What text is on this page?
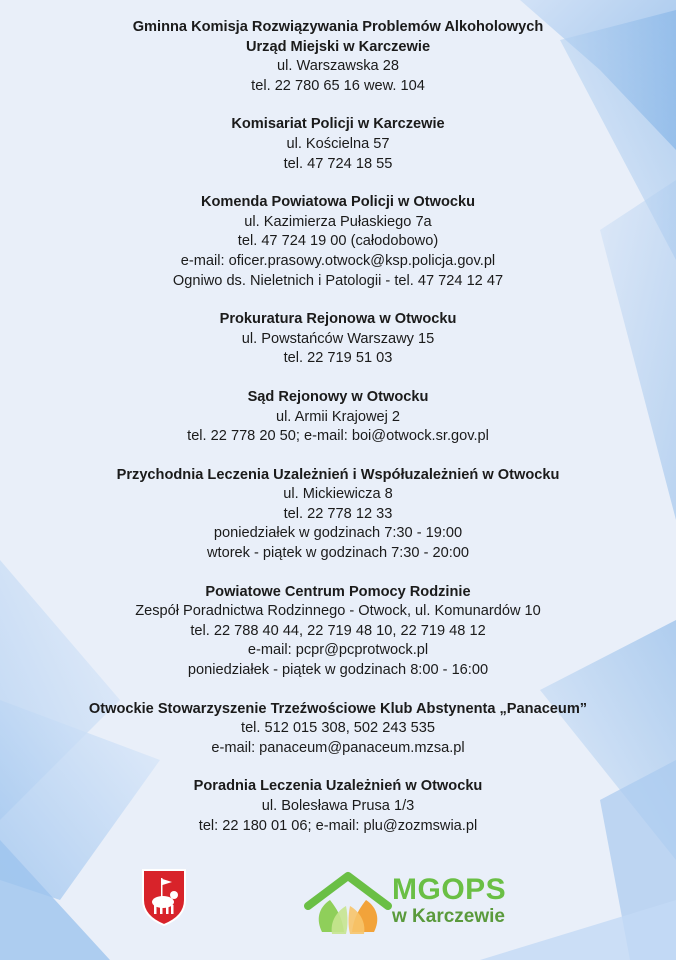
Gminna Komisja Rozwiązywania Problemów Alkoholowych
Urząd Miejski w Karczewie
ul. Warszawska 28
tel. 22 780 65 16 wew. 104
Komisariat Policji w Karczewie
ul. Kościelna 57
tel. 47 724 18 55
Komenda Powiatowa Policji w Otwocku
ul. Kazimierza Pułaskiego 7a
tel. 47 724 19 00 (całodobowo)
e-mail: oficer.prasowy.otwock@ksp.policja.gov.pl
Ogniwo ds. Nieletnich i Patologii - tel. 47 724 12 47
Prokuratura Rejonowa w Otwocku
ul. Powstańców Warszawy 15
tel. 22 719 51 03
Sąd Rejonowy w Otwocku
ul. Armii Krajowej 2
tel. 22 778 20 50; e-mail: boi@otwock.sr.gov.pl
Przychodnia Leczenia Uzależnień i Współuzależnień w Otwocku
ul. Mickiewicza 8
tel. 22 778 12 33
poniedziałek w godzinach 7:30 - 19:00
wtorek - piątek w godzinach 7:30 - 20:00
Powiatowe Centrum Pomocy Rodzinie
Zespół Poradnictwa Rodzinnego - Otwock, ul. Komunardów 10
tel. 22 788 40 44, 22 719 48 10, 22 719 48 12
e-mail: pcpr@pcprotwock.pl
poniedziałek - piątek w godzinach 8:00 - 16:00
Otwockie Stowarzyszenie Trzeźwościowe Klub Abstynenta „Panaceum”
tel. 512 015 308, 502 243 535
e-mail: panaceum@panaceum.mzsa.pl
Poradnia Leczenia Uzależnień w Otwocku
ul. Bolesława Prusa 1/3
tel: 22 180 01 06; e-mail: plu@zozmswia.pl
MGOPS
w Karczewie
